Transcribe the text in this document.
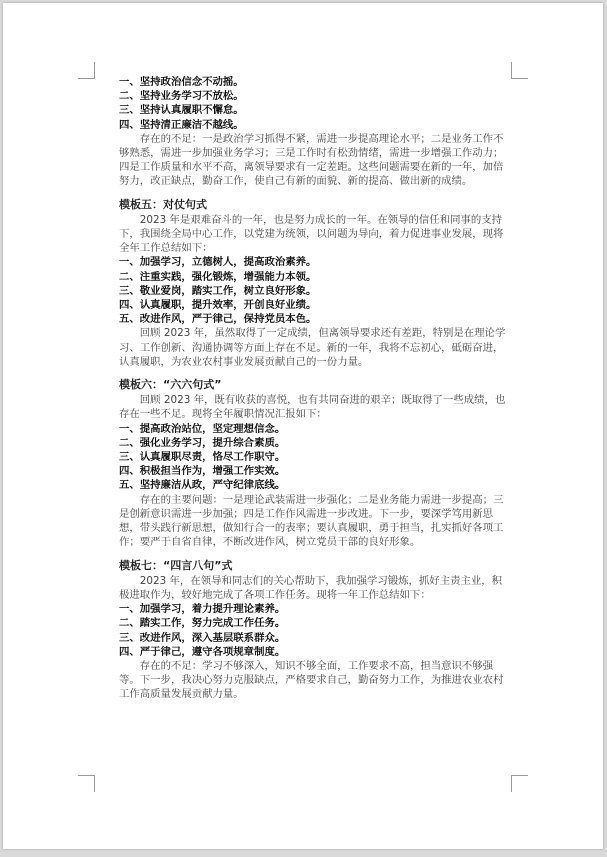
一、坚持政治信念不动摇。

二、坚持业务学习不放松。

三、坚持认真履职不懈怠。

四、坚持清正廉洁不越线。

存在的不足：一是政治学习抓得不紧，需进一步提高理论水平；二是业务工作不够熟悉，需进一步加强业务学习；三是工作时有松劲情绪，需进一步增强工作动力；四是工作质量和水平不高，离领导要求有一定差距。这些问题需要在新的一年，加倍努力，改正缺点，勤奋工作，使自己有新的面貌、新的提高、做出新的成绩。

模板五：对仗句式

2023 年是艰难奋斗的一年，也是努力成长的一年。在领导的信任和同事的支持下，我围绕全局中心工作，以党建为统领，以问题为导向，着力促进事业发展，现将全年工作总结如下：

一、加强学习，立德树人，提高政治素养。

二、注重实践，强化锻炼，增强能力本领。

三、敬业爱岗，踏实工作，树立良好形象。

四、认真履职，提升效率，开创良好业绩。

五、改进作风，严于律己，保持党员本色。

回顾 2023 年，虽然取得了一定成绩，但离领导要求还有差距，特别是在理论学习、工作创新、沟通协调等方面上存在不足。新的一年，我将不忘初心，砥砺奋进，认真履职，为农业农村事业发展贡献自己的一份力量。

模板六：“六六句式”

回顾 2023 年，既有收获的喜悦，也有共同奋进的艰辛；既取得了一些成绩，也存在一些不足。现将全年履职情况汇报如下：

一、提高政治站位，坚定理想信念。

二、强化业务学习，提升综合素质。

三、认真履职尽责，恪尽工作职守。

四、积极担当作为，增强工作实效。

五、坚持廉洁从政，严守纪律底线。

存在的主要问题：一是理论武装需进一步强化；二是业务能力需进一步提高；三是创新意识需进一步加强；四是工作作风需进一步改进。下一步，要深学笃用新思想，带头践行新思想，做知行合一的表率；要认真履职，勇于担当，扎实抓好各项工作；要严于自省自律，不断改进作风，树立党员干部的良好形象。

模板七：“四言八句”式

2023 年，在领导和同志们的关心帮助下，我加强学习锻炼，抓好主责主业，积极进取作为，较好地完成了各项工作任务。现将一年工作总结如下：

一、加强学习，着力提升理论素养。

二、踏实工作，努力完成工作任务。

三、改进作风，深入基层联系群众。

四、严于律己，遵守各项规章制度。

存在的不足：学习不够深入，知识不够全面，工作要求不高，担当意识不够强等。下一步，我决心努力克服缺点，严格要求自己，勤奋努力工作，为推进农业农村工作高质量发展贡献力量。
